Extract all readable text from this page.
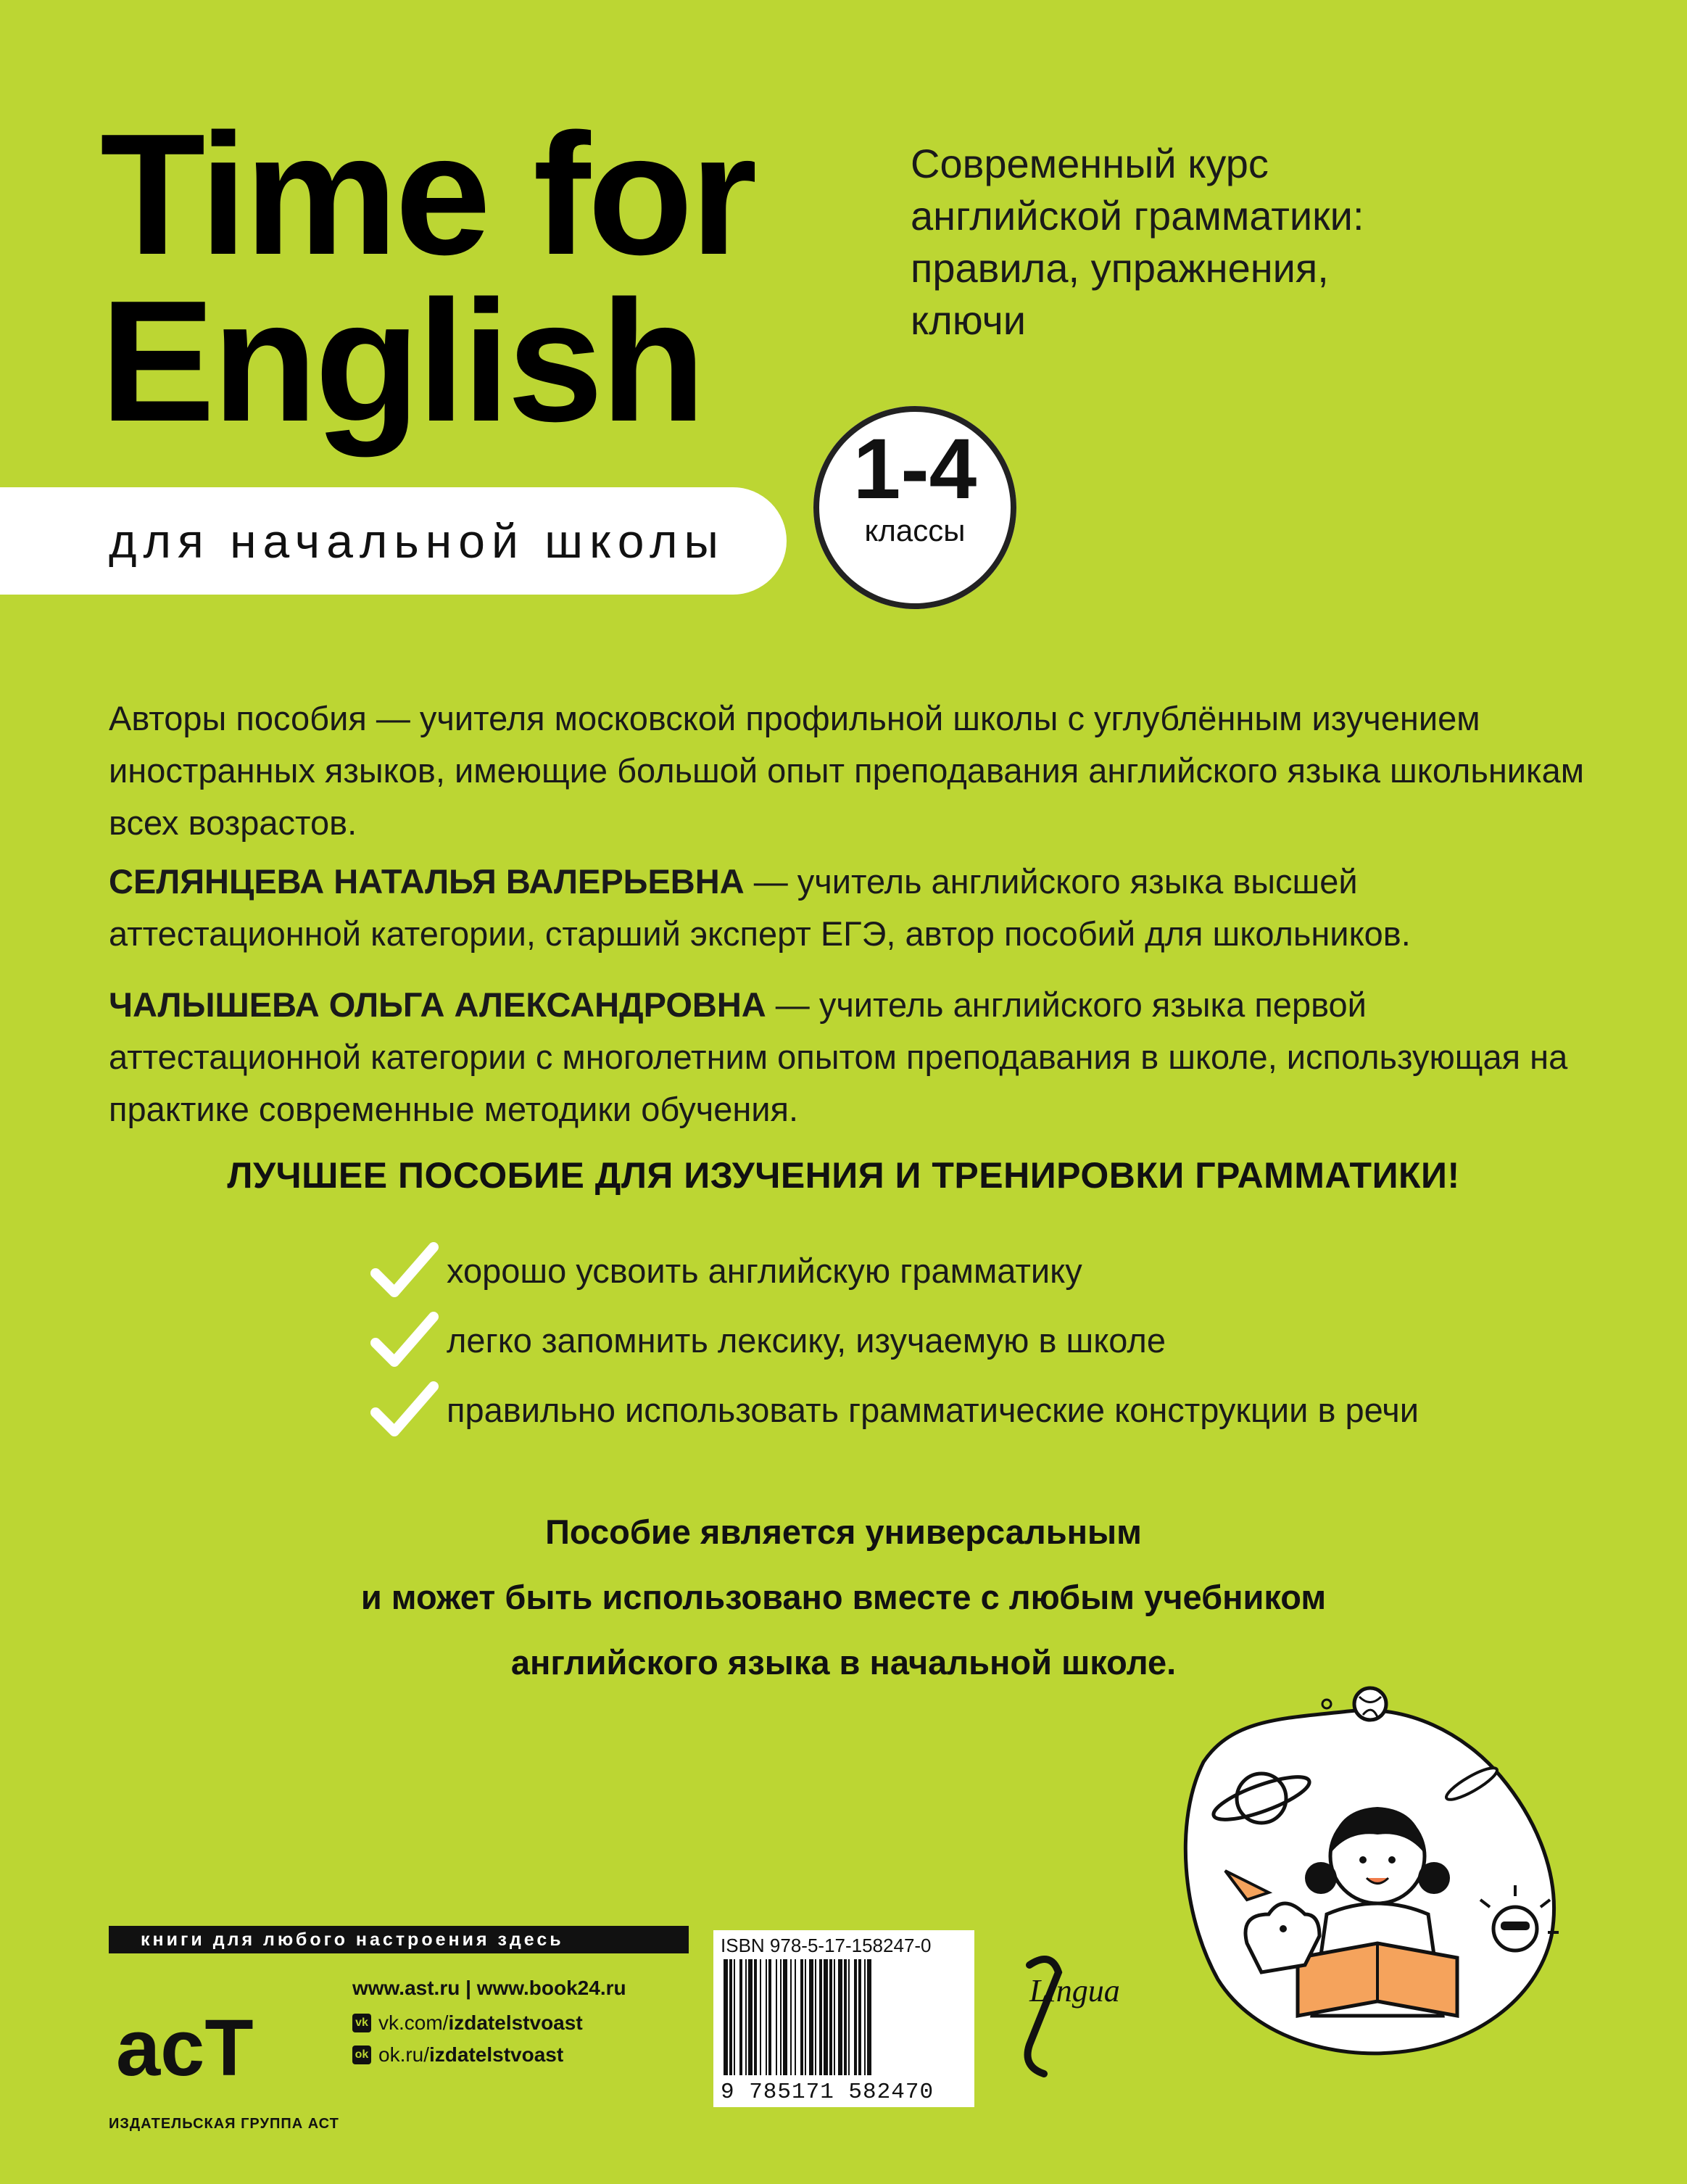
Time for
English
Современный курс
английской грамматики:
правила, упражнения,
ключи
для начальной школы
1-4
классы
Авторы пособия — учителя московской профильной школы с углублённым изучением иностранных языков, имеющие большой опыт преподавания английского языка школьникам всех возрастов.
СЕЛЯНЦЕВА НАТАЛЬЯ ВАЛЕРЬЕВНА — учитель английского языка высшей аттестационной категории, старший эксперт ЕГЭ, автор пособий для школьников.
ЧАЛЫШЕВА ОЛЬГА АЛЕКСАНДРОВНА — учитель английского языка первой аттестационной категории с многолетним опытом преподавания в школе, использующая на практике современные методики обучения.
ЛУЧШЕЕ ПОСОБИЕ ДЛЯ ИЗУЧЕНИЯ И ТРЕНИРОВКИ ГРАММАТИКИ!
хорошо усвоить английскую грамматику
легко запомнить лексику, изучаемую в школе
правильно использовать грамматические конструкции в речи
Пособие является универсальным
и может быть использовано вместе с любым учебником
английского языка в начальной школе.
книги для любого настроения здесь
acT
ИЗДАТЕЛЬСКАЯ ГРУППА АСТ
www.ast.ru | www.book24.ru
vk vk.com/ izdatelstvoast
ok ok.ru/ izdatelstvoast
ISBN 978-5-17-158247-0
9 785171 582470
Lingua
